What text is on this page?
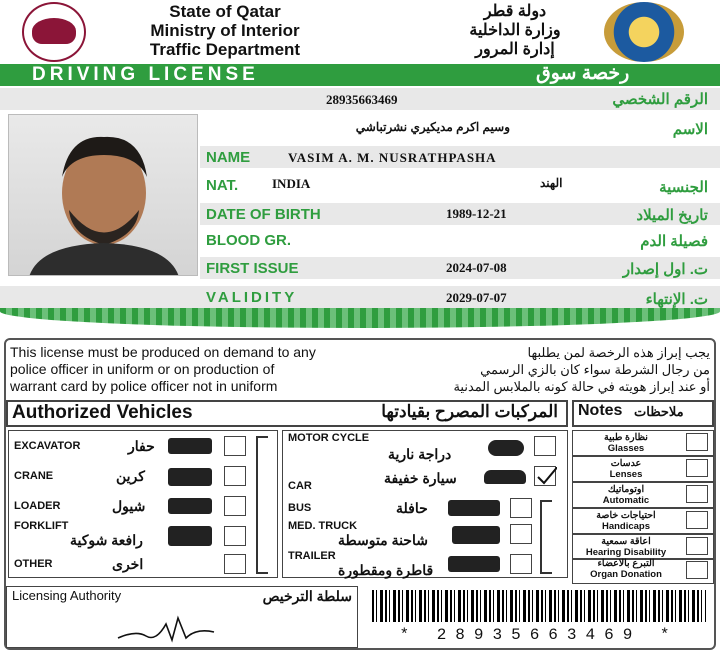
State of Qatar
Ministry of Interior
Traffic Department
دولة قطر
وزارة الداخلية
إدارة المرور
DRIVING LICENSE	رخصة سوق
28935663469	الرقم الشخصي
وسيم اكرم مديكيري نشرتباشي	الاسم
NAME	VASIM A. M. NUSRATHPASHA
NAT.	INDIA	الهند	الجنسية
DATE OF BIRTH	1989-12-21	تاريخ الميلاد
BLOOD GR.	فصيلة الدم
FIRST ISSUE	2024-07-08	ت. اول إصدار
VALIDITY	2029-07-07	ت. الإنتهاء
This license must be produced on demand to any
police officer in uniform or on production of
warrant card by police officer not in uniform
يجب إبراز هذه الرخصة لمن يطلبها
من رجال الشرطة سواء كان بالزي الرسمي
أو عند إبراز هويته في حالة كونه بالملابس المدنية
Authorized Vehicles	المركبات المصرح بقيادتها Notes ملاحظات
EXCAVATOR	حفار
CRANE	كرين
LOADER	شيول
FORKLIFT
رافعة شوكية
OTHER	اخرى
MOTOR CYCLE
دراجة نارية
CAR	سيارة خفيفة
BUS	حافلة
MED. TRUCK
شاحنة متوسطة
TRAILER
قاطرة ومقطورة
نظارة طبية
Glasses
عدسات
Lenses
اوتوماتيك
Automatic
احتياجات خاصة
Handicaps
اعاقة سمعية
Hearing Disability
التبرع بالاعضاء
Organ Donation
Licensing Authority	سلطة الترخيص
* 28935663469 *
